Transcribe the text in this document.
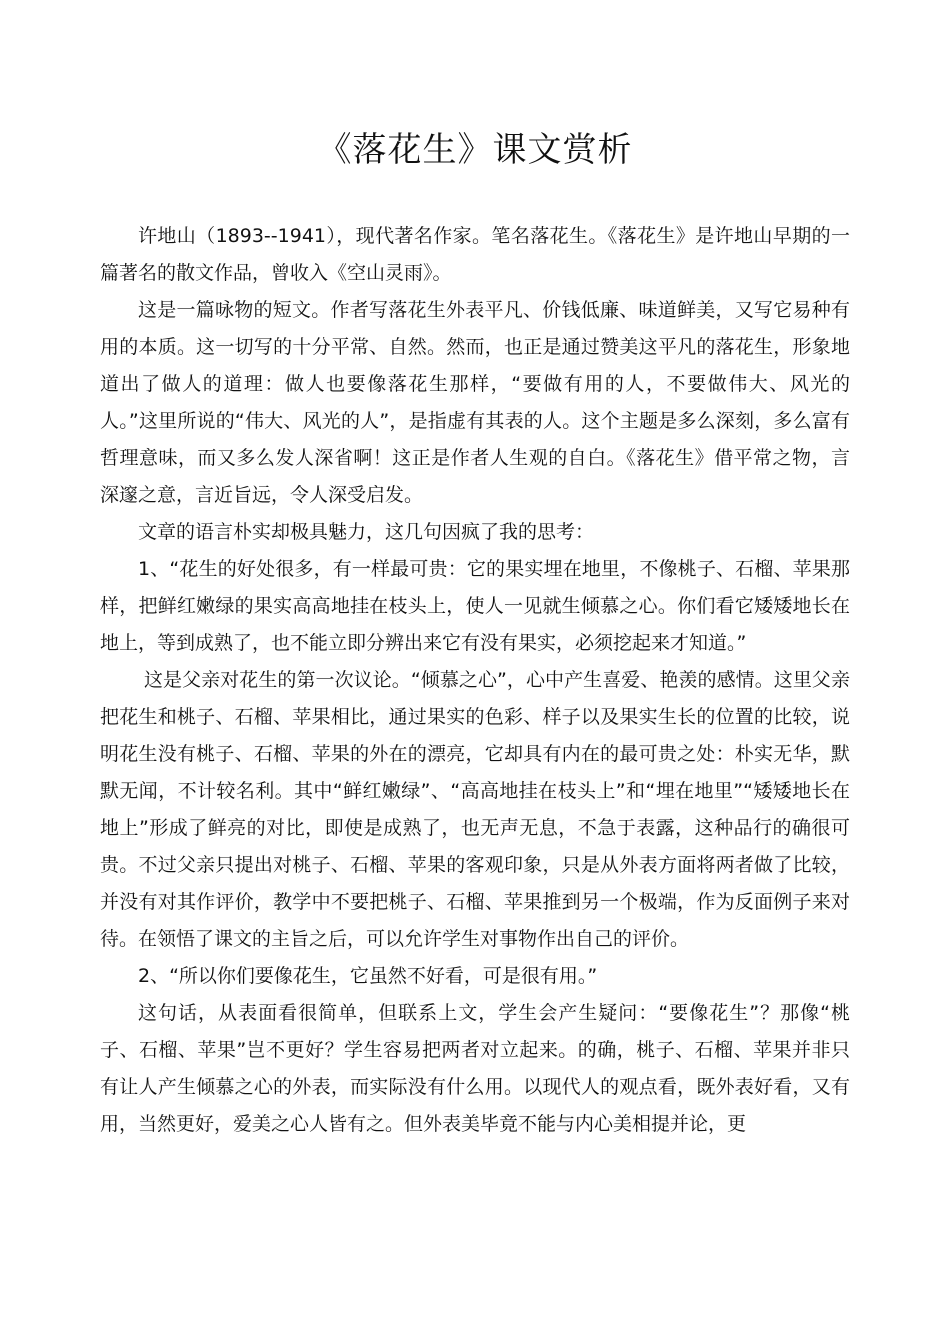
《落花生》课文赏析

许地山（1893--1941），现代著名作家。笔名落花生。《落花生》是许地山早期的一篇著名的散文作品，曾收入《空山灵雨》。

这是一篇咏物的短文。作者写落花生外表平凡、价钱低廉、味道鲜美，又写它易种有用的本质。这一切写的十分平常、自然。然而，也正是通过赞美这平凡的落花生，形象地道出了做人的道理：做人也要像落花生那样，“要做有用的人，不要做伟大、风光的人。”这里所说的“伟大、风光的人”，是指虚有其表的人。这个主题是多么深刻，多么富有哲理意味，而又多么发人深省啊！这正是作者人生观的自白。《落花生》借平常之物，言深邃之意，言近旨远，令人深受启发。

文章的语言朴实却极具魅力，这几句因疯了我的思考：

1、“花生的好处很多，有一样最可贵：它的果实埋在地里，不像桃子、石榴、苹果那样，把鲜红嫩绿的果实高高地挂在枝头上，使人一见就生倾慕之心。你们看它矮矮地长在地上，等到成熟了，也不能立即分辨出来它有没有果实，必须挖起来才知道。”

这是父亲对花生的第一次议论。“倾慕之心”，心中产生喜爱、艳羡的感情。这里父亲把花生和桃子、石榴、苹果相比，通过果实的色彩、样子以及果实生长的位置的比较，说明花生没有桃子、石榴、苹果的外在的漂亮，它却具有内在的最可贵之处：朴实无华，默默无闻，不计较名利。其中“鲜红嫩绿”、“高高地挂在枝头上”和“埋在地里”“矮矮地长在地上”形成了鲜亮的对比，即使是成熟了，也无声无息，不急于表露，这种品行的确很可贵。不过父亲只提出对桃子、石榴、苹果的客观印象，只是从外表方面将两者做了比较，并没有对其作评价，教学中不要把桃子、石榴、苹果推到另一个极端，作为反面例子来对待。在领悟了课文的主旨之后，可以允许学生对事物作出自己的评价。

2、“所以你们要像花生，它虽然不好看，可是很有用。”

这句话，从表面看很简单，但联系上文，学生会产生疑问：“要像花生”？那像“桃子、石榴、苹果”岂不更好？学生容易把两者对立起来。的确，桃子、石榴、苹果并非只有让人产生倾慕之心的外表，而实际没有什么用。以现代人的观点看，既外表好看，又有用，当然更好，爱美之心人皆有之。但外表美毕竟不能与内心美相提并论，更
